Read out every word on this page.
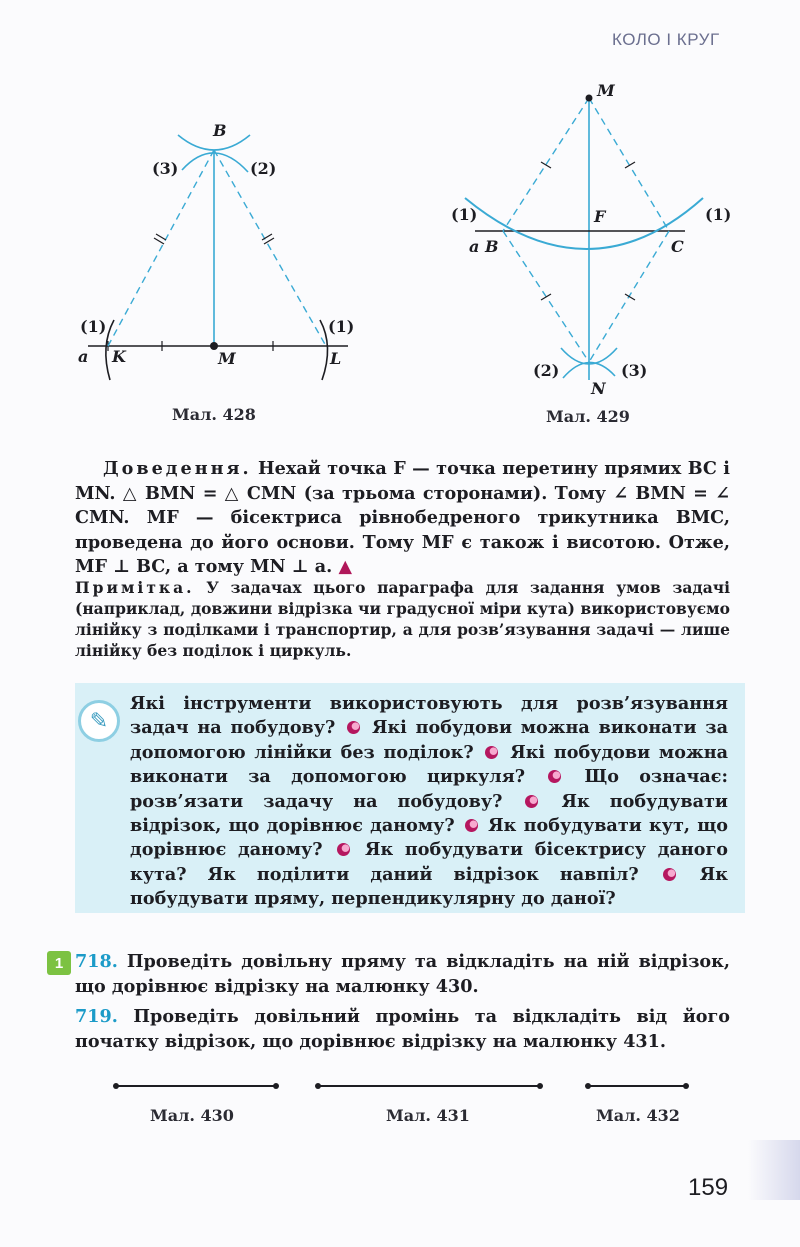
КОЛО І КРУГ
B
(3)	(2)
(1)	(1)
a K	M	L
Мал. 428
M
F
(1)	(1)
a B	C
(2)	(3)
N
Мал. 429

Доведення. Нехай точка F — точка перетину прямих BC і MN. △ BMN = △ CMN (за трьома сторонами). Тому ∠ BMN = ∠ CMN. MF — бісектриса рівнобедреного трикутника BMC, проведена до його основи. Тому MF є також і висотою. Отже, MF ⊥ BC, а тому MN ⊥ a. ▲

Примітка. У задачах цього параграфа для задання умов задачі (наприклад, довжини відрізка чи градусної міри кута) використовуємо лінійку з поділками і транспортир, а для розв’язування задачі — лише лінійку без поділок і циркуль.

✎
Які інструменти використовують для розв’язування задач на побудову? Які побудови можна виконати за допомогою лінійки без поділок? Які побудови можна виконати за допомогою циркуля?	Що означає: розв’язати задачу на побудову?	Як побудувати відрізок, що дорівнює даному? Як побудувати кут, що дорівнює даному? Як побудувати бісектрису даного кута? Як поділити даний відрізок навпіл?	Як побудувати пряму, перпендикулярну до даної?
1 718. Проведіть довільну пряму та відкладіть на ній відрізок, що дорівнює відрізку на малюнку 430.
719. Проведіть довільний промінь та відкладіть від його початку відрізок, що дорівнює відрізку на малюнку 431.
Мал. 430	Мал. 431	Мал. 432
159
